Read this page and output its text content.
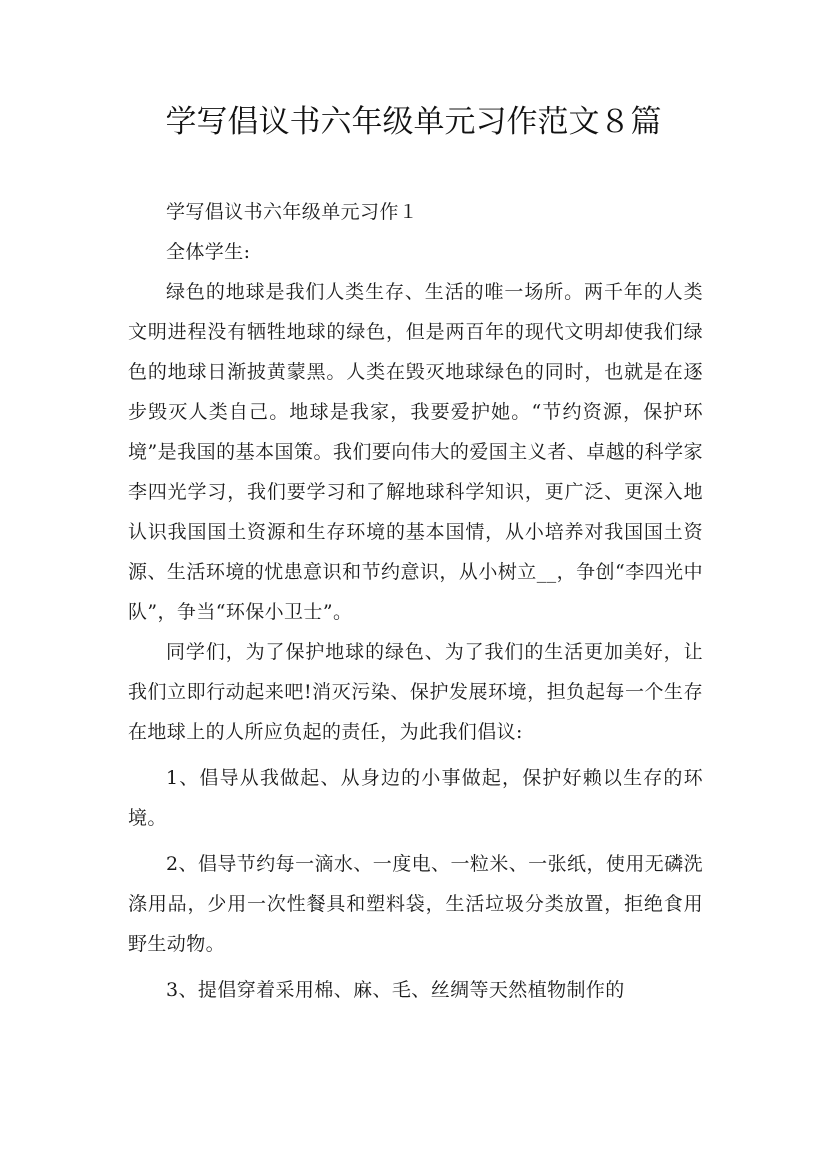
学写倡议书六年级单元习作范文８篇

学写倡议书六年级单元习作１

全体学生:

绿色的地球是我们人类生存、生活的唯一场所。两千年的人类文明进程没有牺牲地球的绿色，但是两百年的现代文明却使我们绿色的地球日渐披黄蒙黑。人类在毁灭地球绿色的同时，也就是在逐步毁灭人类自己。地球是我家，我要爱护她。“节约资源，保护环境”是我国的基本国策。我们要向伟大的爱国主义者、卓越的科学家李四光学习，我们要学习和了解地球科学知识，更广泛、更深入地认识我国国土资源和生存环境的基本国情，从小培养对我国国土资源、生活环境的忧患意识和节约意识，从小树立__，争创“李四光中队”，争当“环保小卫士”。

同学们，为了保护地球的绿色、为了我们的生活更加美好，让我们立即行动起来吧!消灭污染、保护发展环境，担负起每一个生存在地球上的人所应负起的责任，为此我们倡议:

1、倡导从我做起、从身边的小事做起，保护好赖以生存的环境。

2、倡导节约每一滴水、一度电、一粒米、一张纸，使用无磷洗涤用品，少用一次性餐具和塑料袋，生活垃圾分类放置，拒绝食用野生动物。

3、提倡穿着采用棉、麻、毛、丝绸等天然植物制作的
